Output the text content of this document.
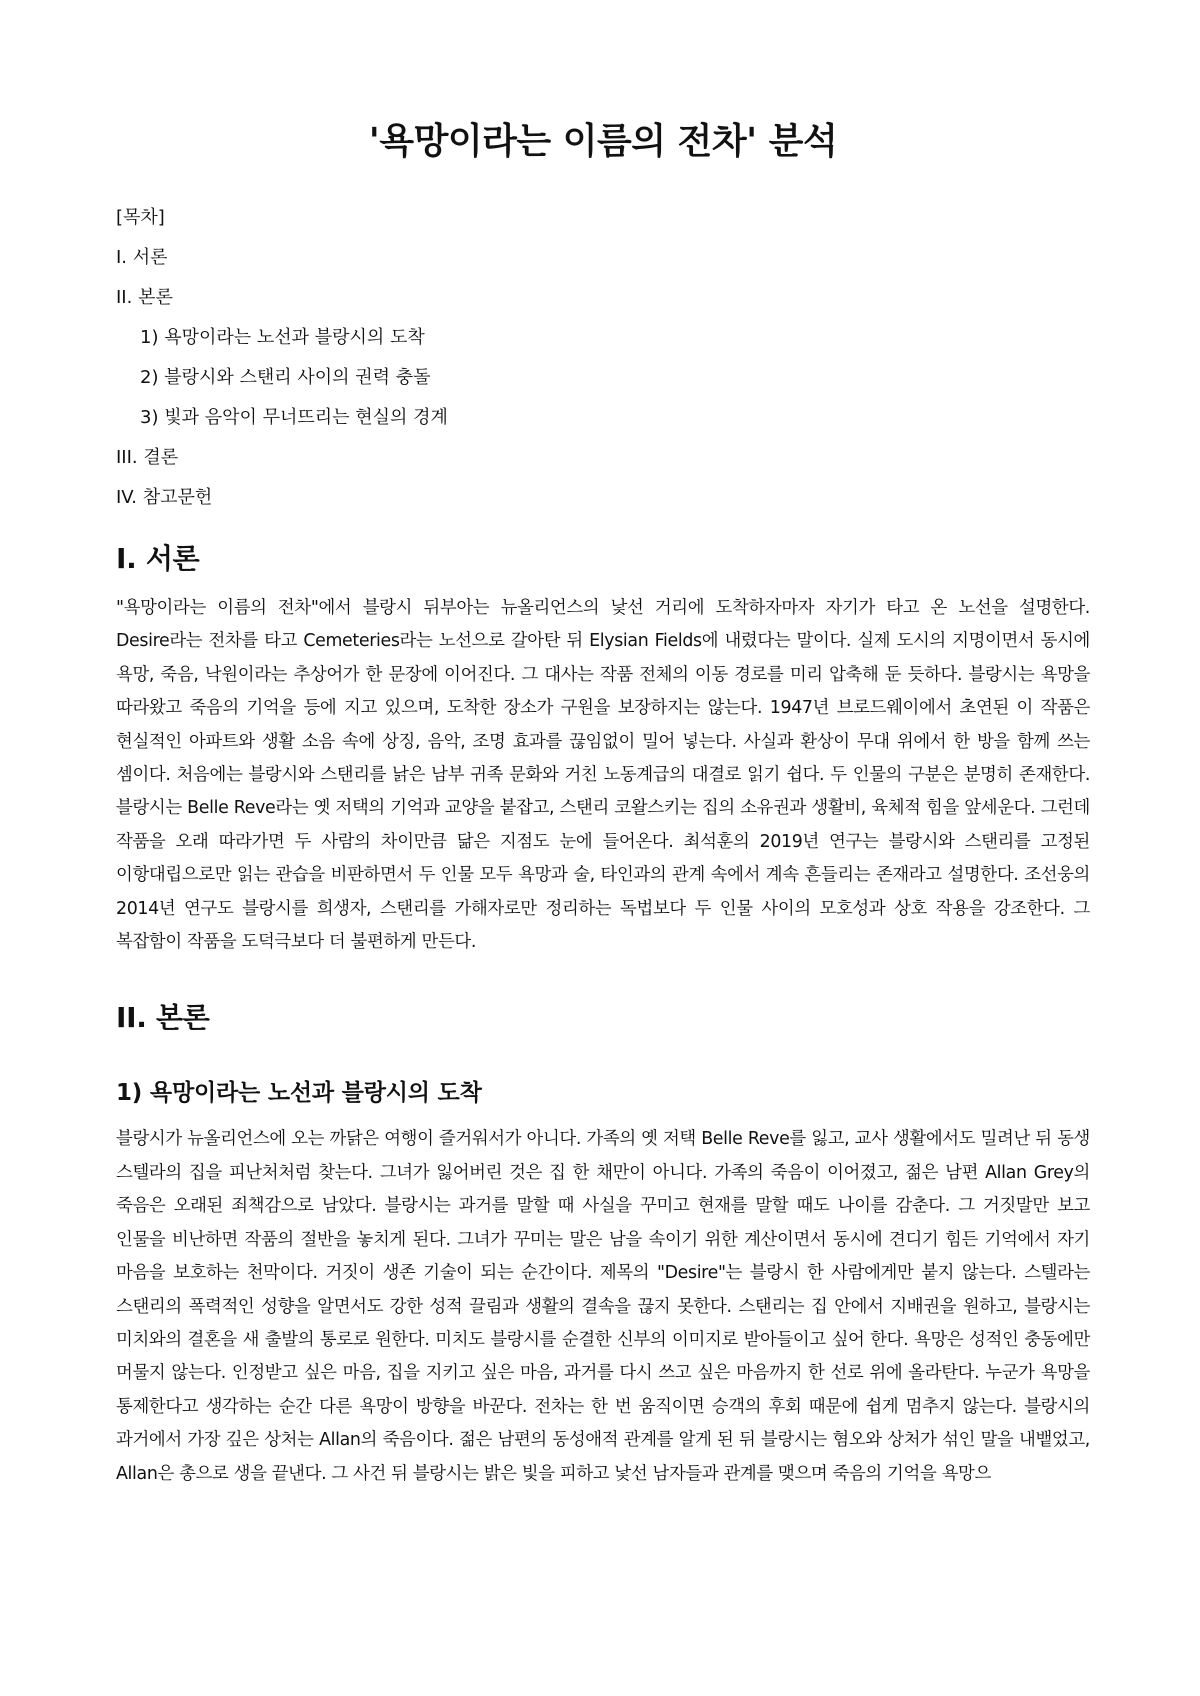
'욕망이라는 이름의 전차' 분석
[목차]
I. 서론
II. 본론
1) 욕망이라는 노선과 블랑시의 도착
2) 블랑시와 스탠리 사이의 권력 충돌
3) 빛과 음악이 무너뜨리는 현실의 경계
III. 결론
IV. 참고문헌
I. 서론

"욕망이라는 이름의 전차"에서 블랑시 뒤부아는 뉴올리언스의 낯선 거리에 도착하자마자 자기가 타고 온 노선을 설명한다. Desire라는 전차를 타고 Cemeteries라는 노선으로 갈아탄 뒤 Elysian Fields에 내렸다는 말이다. 실제 도시의 지명이면서 동시에 욕망, 죽음, 낙원이라는 추상어가 한 문장에 이어진다. 그 대사는 작품 전체의 이동 경로를 미리 압축해 둔 듯하다. 블랑시는 욕망을 따라왔고 죽음의 기억을 등에 지고 있으며, 도착한 장소가 구원을 보장하지는 않는다. 1947년 브로드웨이에서 초연된 이 작품은 현실적인 아파트와 생활 소음 속에 상징, 음악, 조명 효과를 끊임없이 밀어 넣는다. 사실과 환상이 무대 위에서 한 방을 함께 쓰는 셈이다. 처음에는 블랑시와 스탠리를 낡은 남부 귀족 문화와 거친 노동계급의 대결로 읽기 쉽다. 두 인물의 구분은 분명히 존재한다. 블랑시는 Belle Reve라는 옛 저택의 기억과 교양을 붙잡고, 스탠리 코왈스키는 집의 소유권과 생활비, 육체적 힘을 앞세운다. 그런데 작품을 오래 따라가면 두 사람의 차이만큼 닮은 지점도 눈에 들어온다. 최석훈의 2019년 연구는 블랑시와 스탠리를 고정된 이항대립으로만 읽는 관습을 비판하면서 두 인물 모두 욕망과 술, 타인과의 관계 속에서 계속 흔들리는 존재라고 설명한다. 조선웅의 2014년 연구도 블랑시를 희생자, 스탠리를 가해자로만 정리하는 독법보다 두 인물 사이의 모호성과 상호 작용을 강조한다. 그 복잡함이 작품을 도덕극보다 더 불편하게 만든다.

II. 본론
1) 욕망이라는 노선과 블랑시의 도착

블랑시가 뉴올리언스에 오는 까닭은 여행이 즐거워서가 아니다. 가족의 옛 저택 Belle Reve를 잃고, 교사 생활에서도 밀려난 뒤 동생 스텔라의 집을 피난처처럼 찾는다. 그녀가 잃어버린 것은 집 한 채만이 아니다. 가족의 죽음이 이어졌고, 젊은 남편 Allan Grey의 죽음은 오래된 죄책감으로 남았다. 블랑시는 과거를 말할 때 사실을 꾸미고 현재를 말할 때도 나이를 감춘다. 그 거짓말만 보고 인물을 비난하면 작품의 절반을 놓치게 된다. 그녀가 꾸미는 말은 남을 속이기 위한 계산이면서 동시에 견디기 힘든 기억에서 자기 마음을 보호하는 천막이다. 거짓이 생존 기술이 되는 순간이다. 제목의 "Desire"는 블랑시 한 사람에게만 붙지 않는다. 스텔라는 스탠리의 폭력적인 성향을 알면서도 강한 성적 끌림과 생활의 결속을 끊지 못한다. 스탠리는 집 안에서 지배권을 원하고, 블랑시는 미치와의 결혼을 새 출발의 통로로 원한다. 미치도 블랑시를 순결한 신부의 이미지로 받아들이고 싶어 한다. 욕망은 성적인 충동에만 머물지 않는다. 인정받고 싶은 마음, 집을 지키고 싶은 마음, 과거를 다시 쓰고 싶은 마음까지 한 선로 위에 올라탄다. 누군가 욕망을 통제한다고 생각하는 순간 다른 욕망이 방향을 바꾼다. 전차는 한 번 움직이면 승객의 후회 때문에 쉽게 멈추지 않는다. 블랑시의 과거에서 가장 깊은 상처는 Allan의 죽음이다. 젊은 남편의 동성애적 관계를 알게 된 뒤 블랑시는 혐오와 상처가 섞인 말을 내뱉었고, Allan은 총으로 생을 끝낸다. 그 사건 뒤 블랑시는 밝은 빛을 피하고 낯선 남자들과 관계를 맺으며 죽음의 기억을 욕망으
